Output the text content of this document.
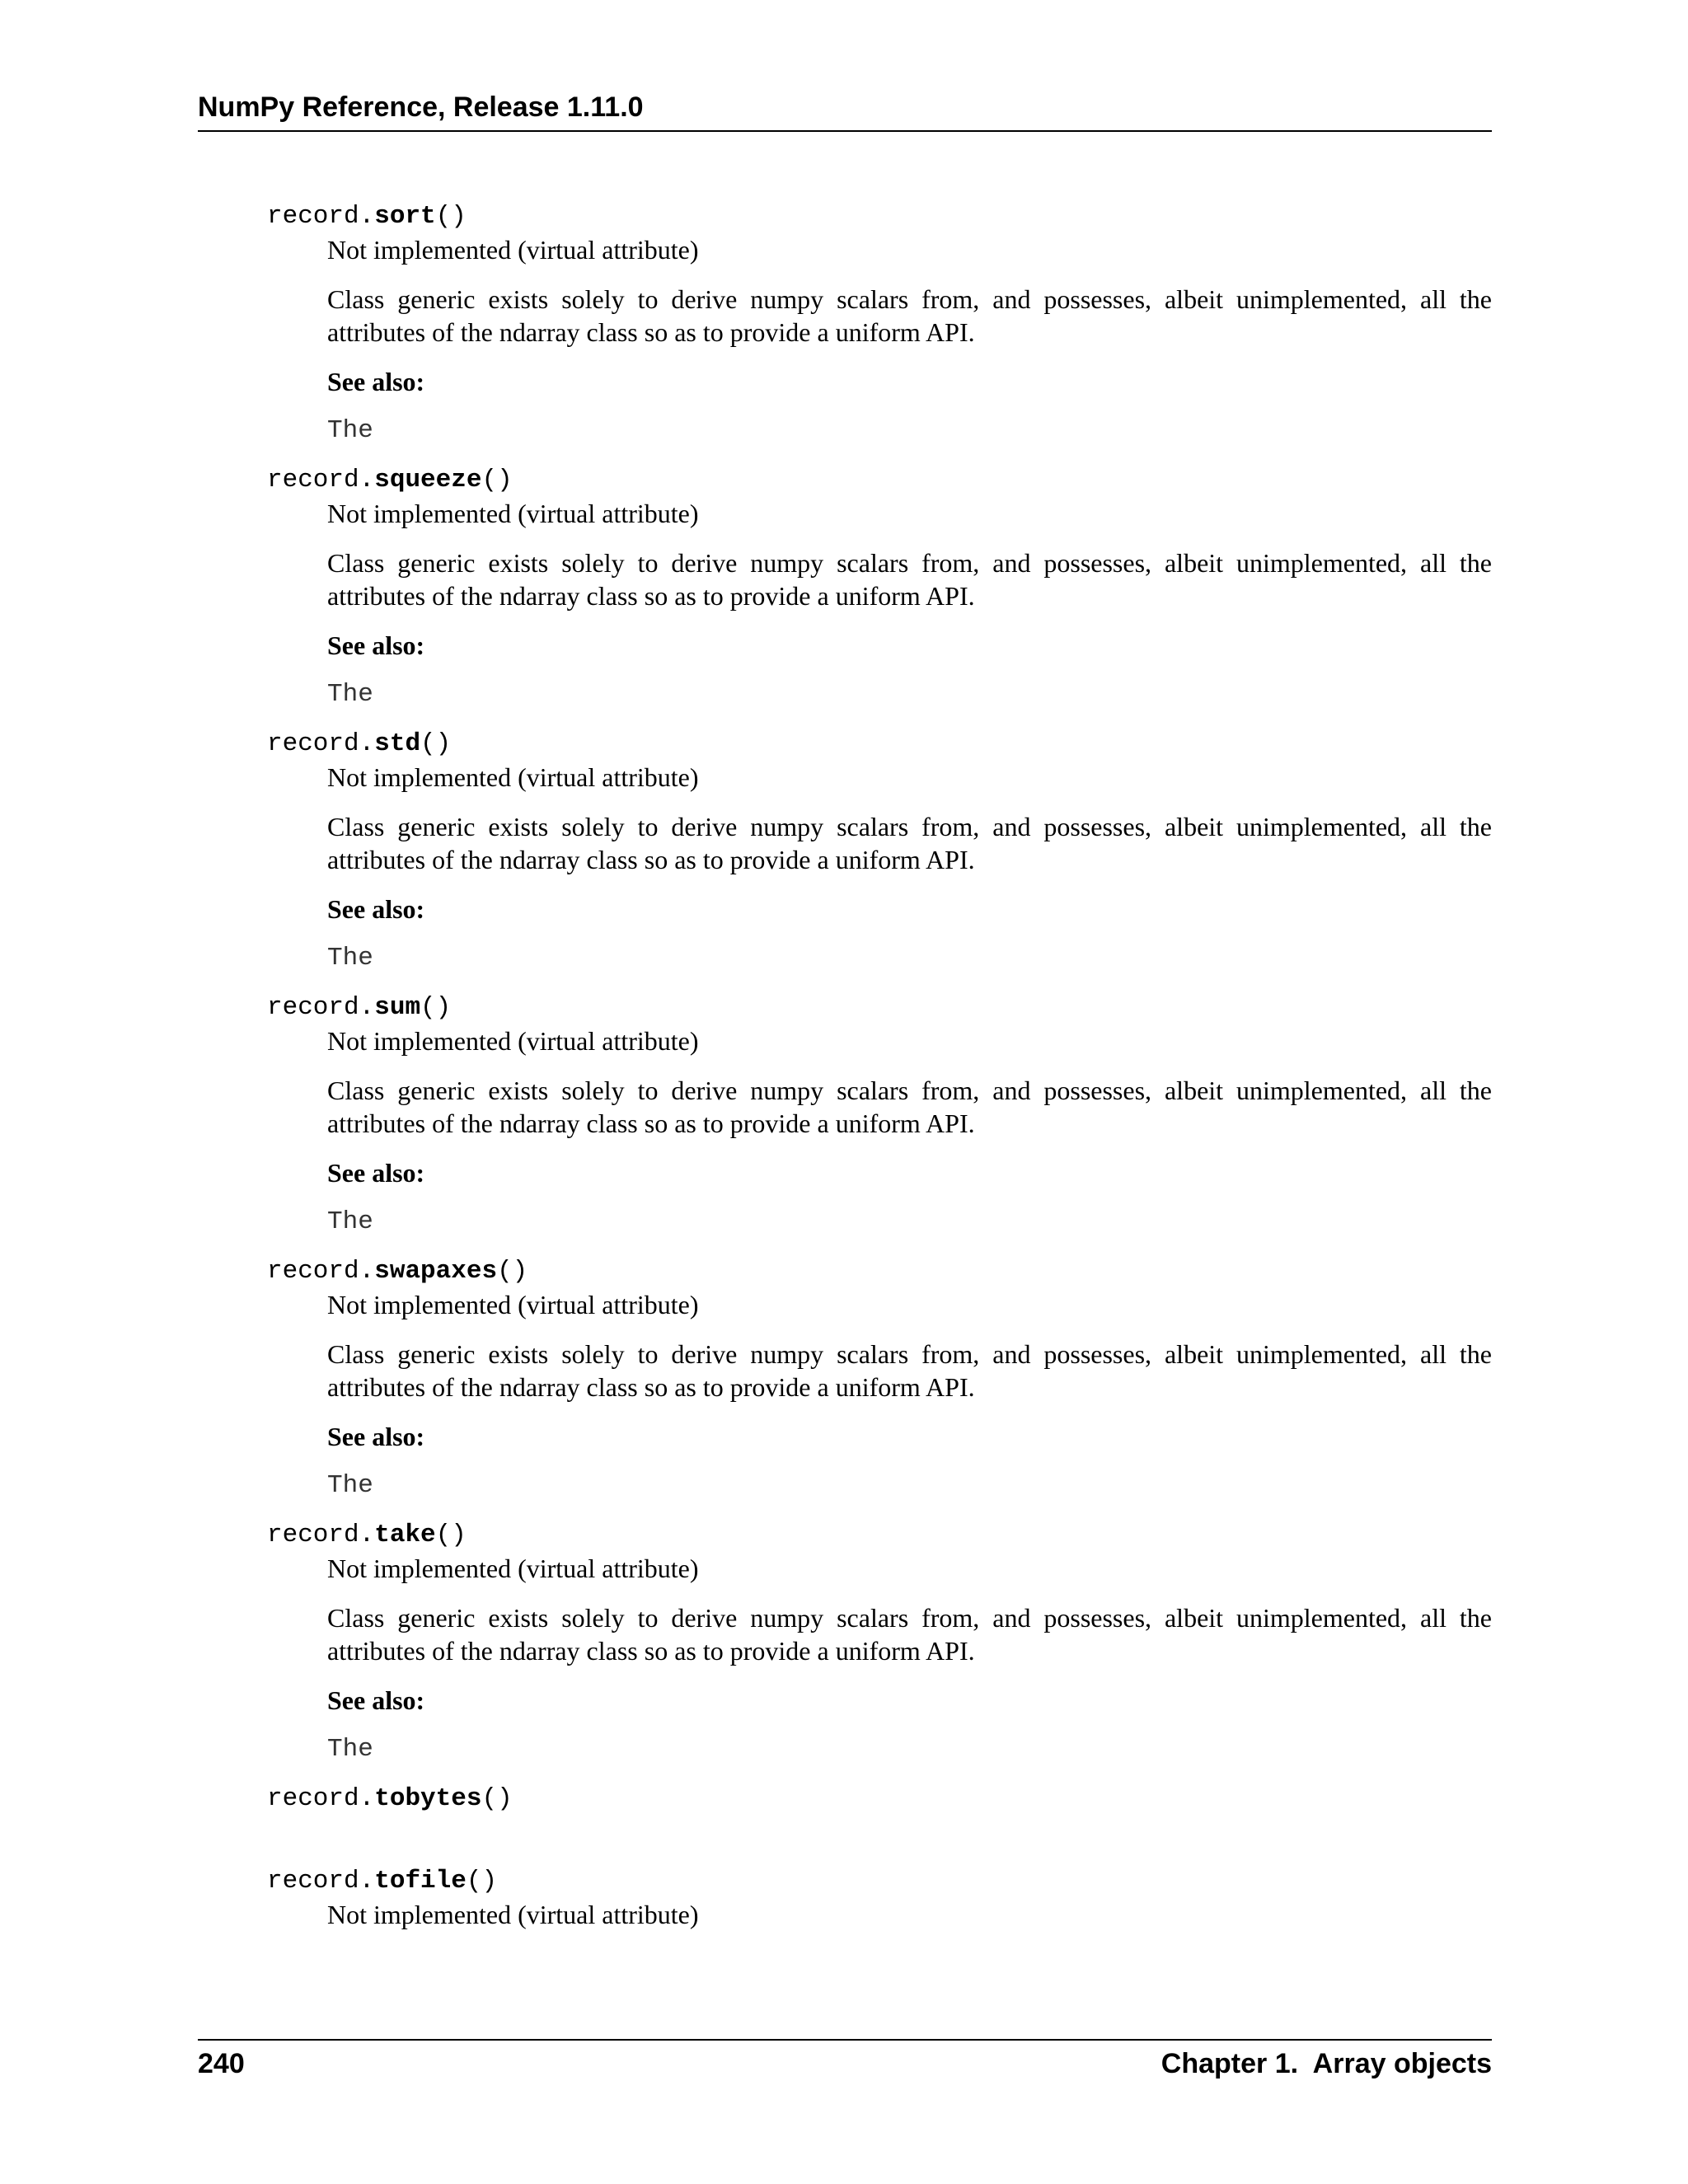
NumPy Reference, Release 1.11.0
record.sort()
Not implemented (virtual attribute)
Class generic exists solely to derive numpy scalars from, and possesses, albeit unimplemented, all the attributes of the ndarray class so as to provide a uniform API.
See also:
The
record.squeeze()
Not implemented (virtual attribute)
Class generic exists solely to derive numpy scalars from, and possesses, albeit unimplemented, all the attributes of the ndarray class so as to provide a uniform API.
See also:
The
record.std()
Not implemented (virtual attribute)
Class generic exists solely to derive numpy scalars from, and possesses, albeit unimplemented, all the attributes of the ndarray class so as to provide a uniform API.
See also:
The
record.sum()
Not implemented (virtual attribute)
Class generic exists solely to derive numpy scalars from, and possesses, albeit unimplemented, all the attributes of the ndarray class so as to provide a uniform API.
See also:
The
record.swapaxes()
Not implemented (virtual attribute)
Class generic exists solely to derive numpy scalars from, and possesses, albeit unimplemented, all the attributes of the ndarray class so as to provide a uniform API.
See also:
The
record.take()
Not implemented (virtual attribute)
Class generic exists solely to derive numpy scalars from, and possesses, albeit unimplemented, all the attributes of the ndarray class so as to provide a uniform API.
See also:
The
record.tobytes()
record.tofile()
Not implemented (virtual attribute)
240	Chapter 1.  Array objects
